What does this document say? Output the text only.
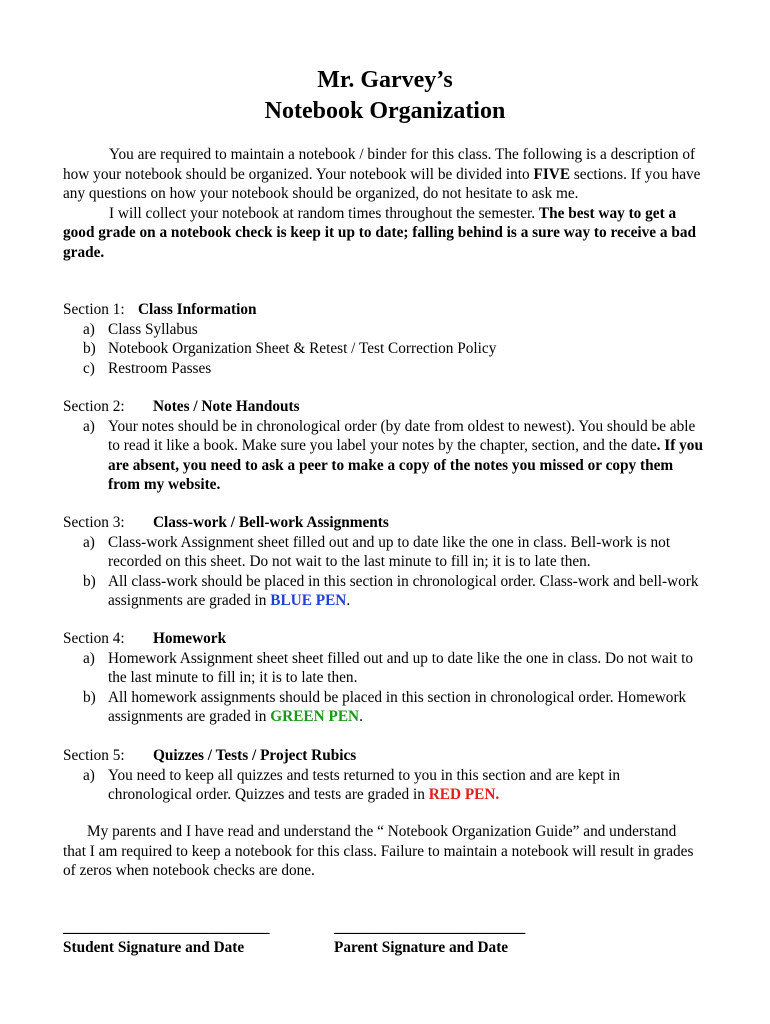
Mr. Garvey’s
Notebook Organization

You are required to maintain a notebook / binder for this class. The following is a description of how your notebook should be organized. Your notebook will be divided into FIVE sections. If you have any questions on how your notebook should be organized, do not hesitate to ask me.

I will collect your notebook at random times throughout the semester. The best way to get a good grade on a notebook check is keep it up to date; falling behind is a sure way to receive a bad grade.

Section 1: Class Information
a) Class Syllabus
b) Notebook Organization Sheet & Retest / Test Correction Policy
c) Restroom Passes
Section 2:	Notes / Note Handouts
a) Your notes should be in chronological order (by date from oldest to newest). You should be able to read it like a book. Make sure you label your notes by the chapter, section, and the date. If you are absent, you need to ask a peer to make a copy of the notes you missed or copy them from my website.
Section 3:	Class-work / Bell-work Assignments
a) Class-work Assignment sheet filled out and up to date like the one in class. Bell-work is not recorded on this sheet. Do not wait to the last minute to fill in; it is to late then.
b) All class-work should be placed in this section in chronological order. Class-work and bell-work assignments are graded in BLUE PEN.
Section 4:	Homework
a) Homework Assignment sheet sheet filled out and up to date like the one in class. Do not wait to the last minute to fill in; it is to late then.
b) All homework assignments should be placed in this section in chronological order. Homework assignments are graded in GREEN PEN.
Section 5:	Quizzes / Tests / Project Rubics
a) You need to keep all quizzes and tests returned to you in this section and are kept in chronological order. Quizzes and tests are graded in RED PEN.

My parents and I have read and understand the “ Notebook Organization Guide” and understand that I am required to keep a notebook for this class. Failure to maintain a notebook will result in grades of zeros when notebook checks are done.

___________________________
Student Signature and Date
_________________________
Parent Signature and Date
